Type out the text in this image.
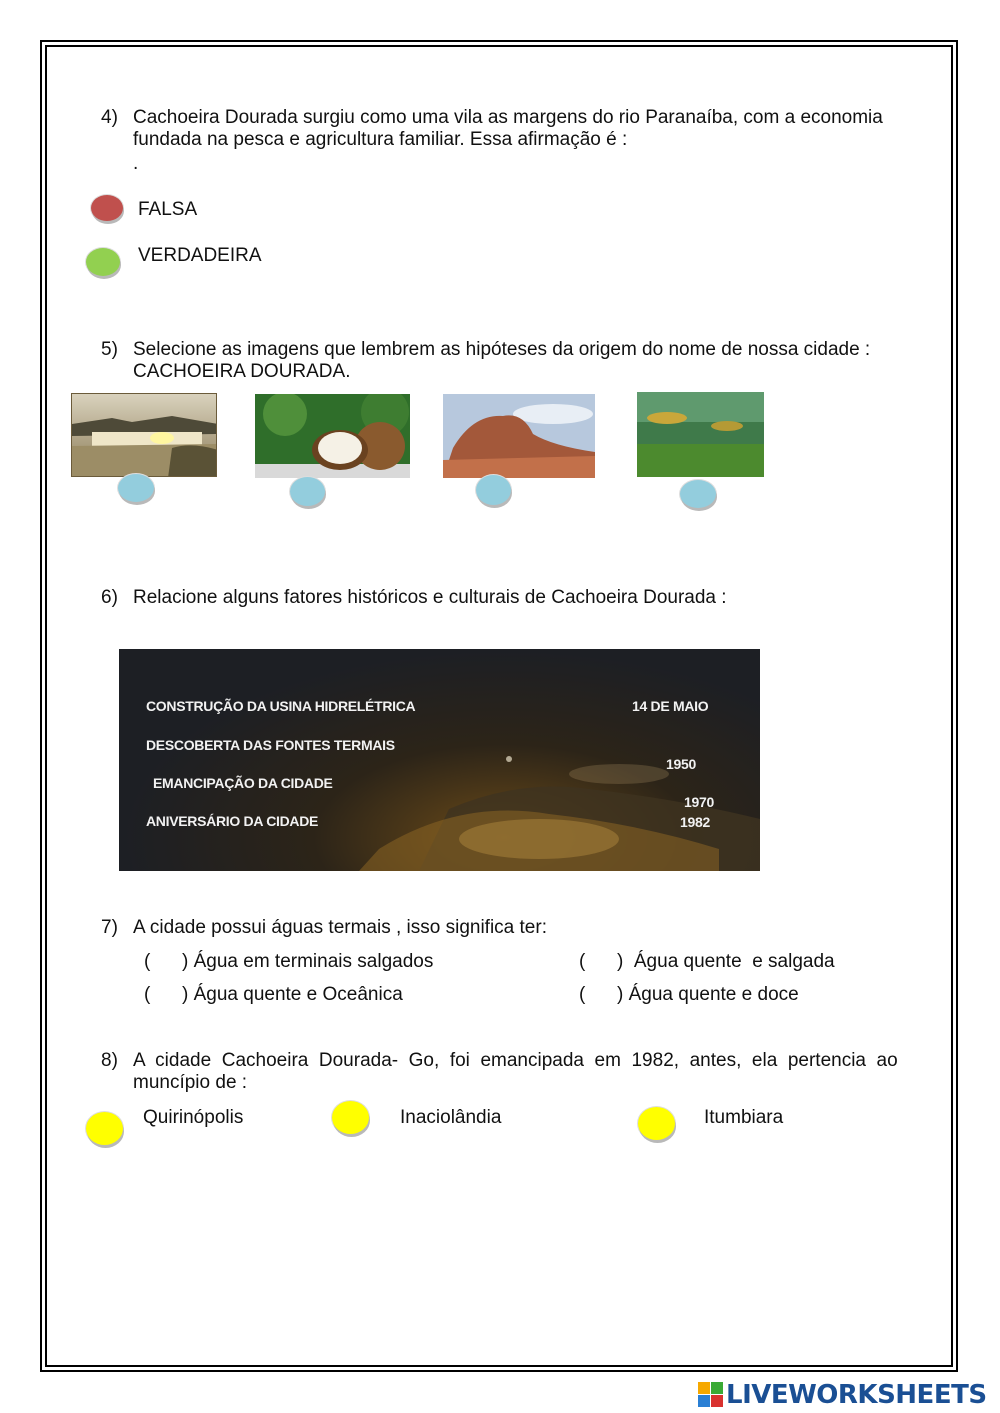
4) Cachoeira Dourada surgiu como uma vila as margens do rio Paranaíba, com a economia
fundada na pesca e agricultura familiar. Essa afirmação é :
.
FALSA
VERDADEIRA
5) Selecione as imagens que lembrem as hipóteses da origem do nome de nossa cidade :
CACHOEIRA DOURADA.
6) Relacione alguns fatores históricos e culturais de Cachoeira Dourada :
CONSTRUÇÃO DA USINA HIDRELÉTRICA
DESCOBERTA DAS FONTES TERMAIS
EMANCIPAÇÃO DA CIDADE
ANIVERSÁRIO DA CIDADE
14 DE MAIO
1950
1970
1982
7) A cidade possui águas termais , isso significa ter:
(      ) Água em terminais salgados	(      )  Água quente  e salgada
(      ) Água quente e Oceânica	(      ) Água quente e doce
8) A  cidade  Cachoeira  Dourada-  Go,  foi  emancipada  em  1982,  antes,  ela  pertencia  ao
muncípio de :
Quirinópolis	Inaciolândia	Itumbiara
LIVEWORKSHEETS
